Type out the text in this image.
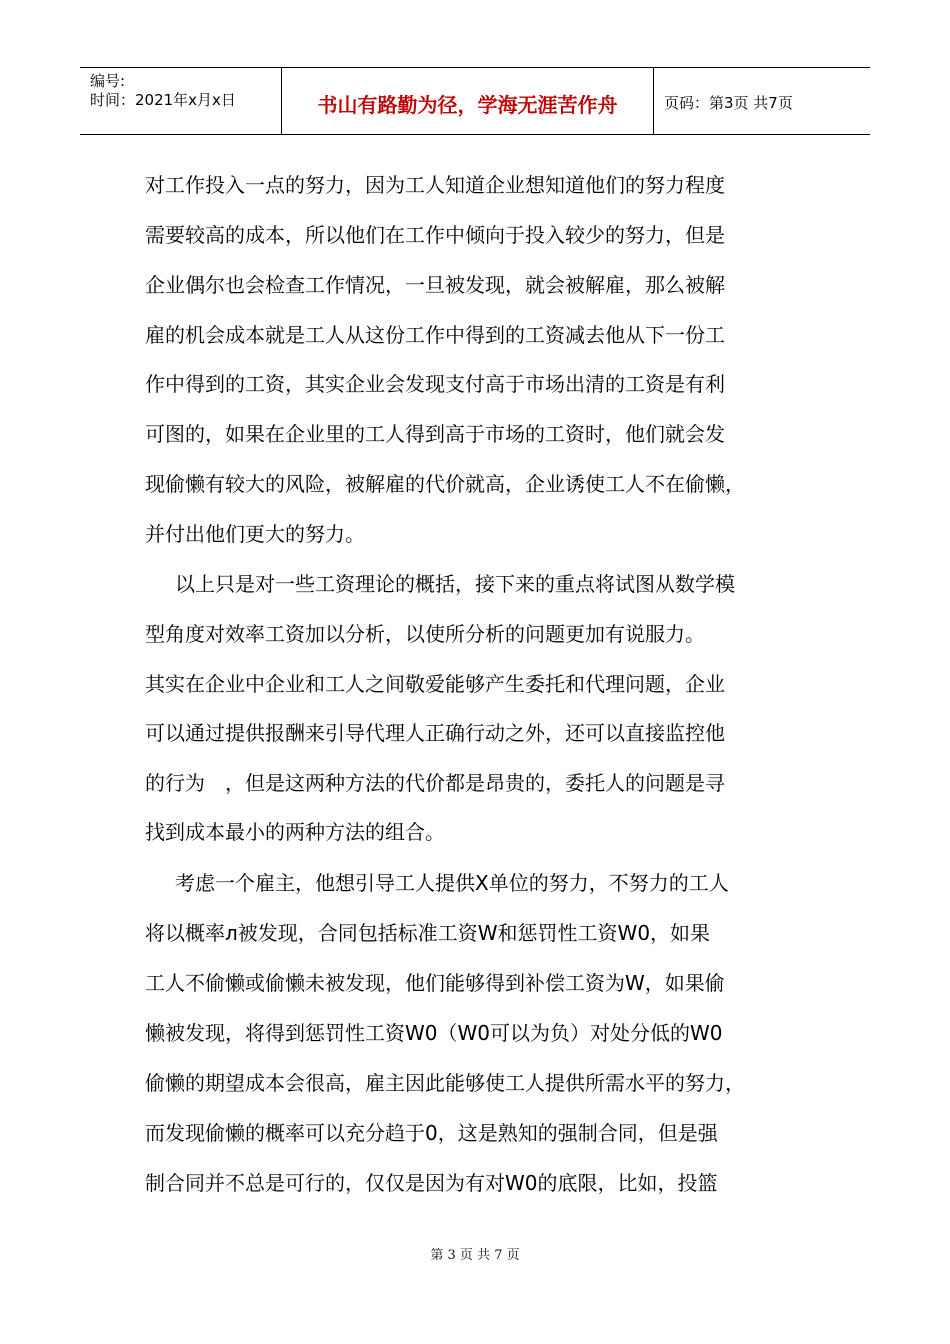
编号:
时间：2021年x月x日	书山有路勤为径，学海无涯苦作舟	页码：第3页 共7页
对工作投入一点的努力，因为工人知道企业想知道他们的努力程度
需要较高的成本，所以他们在工作中倾向于投入较少的努力，但是
企业偶尔也会检查工作情况，一旦被发现，就会被解雇，那么被解
雇的机会成本就是工人从这份工作中得到的工资减去他从下一份工
作中得到的工资，其实企业会发现支付高于市场出清的工资是有利
可图的，如果在企业里的工人得到高于市场的工资时，他们就会发
现偷懒有较大的风险，被解雇的代价就高，企业诱使工人不在偷懒，
并付出他们更大的努力。
以上只是对一些工资理论的概括，接下来的重点将试图从数学模
型角度对效率工资加以分析，以使所分析的问题更加有说服力。
其实在企业中企业和工人之间敬爱能够产生委托和代理问题，企业
可以通过提供报酬来引导代理人正确行动之外，还可以直接监控他
的行为　，但是这两种方法的代价都是昂贵的，委托人的问题是寻
找到成本最小的两种方法的组合。
考虑一个雇主，他想引导工人提供X单位的努力，不努力的工人
将以概率л被发现，合同包括标准工资W和惩罚性工资W0，如果
工人不偷懒或偷懒未被发现，他们能够得到补偿工资为W，如果偷
懒被发现，将得到惩罚性工资W0（W0可以为负）对处分低的W0
偷懒的期望成本会很高，雇主因此能够使工人提供所需水平的努力，
而发现偷懒的概率可以充分趋于0，这是熟知的强制合同，但是强
制合同并不总是可行的，仅仅是因为有对W0的底限，比如，投篮
第 3 页 共 7 页
